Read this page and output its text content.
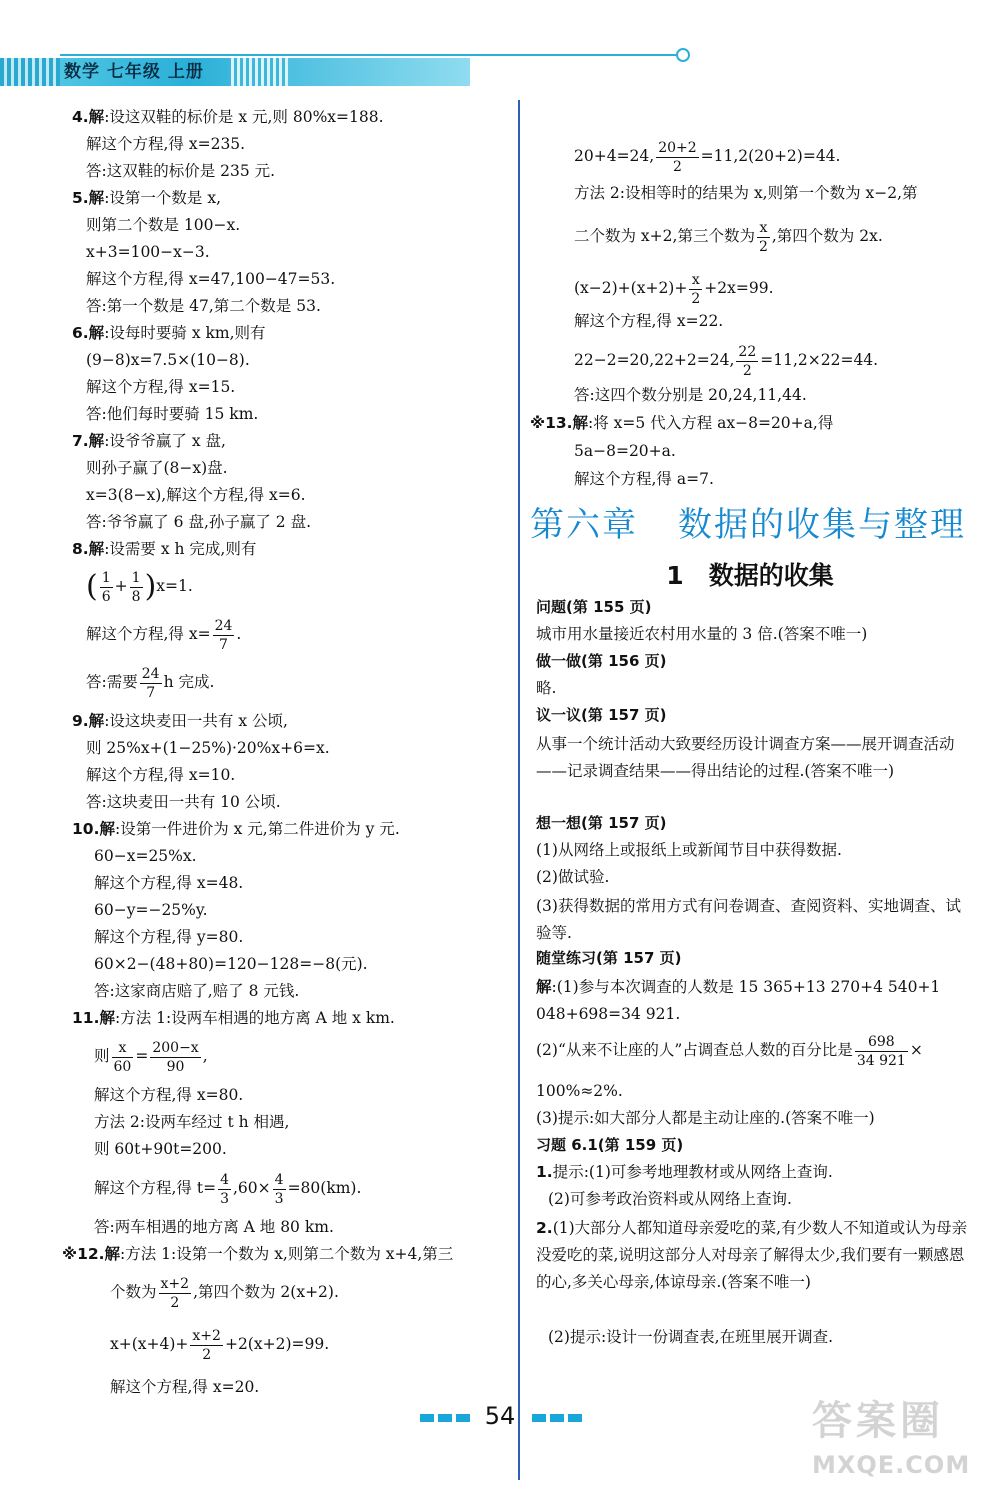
数学 七年级 上册
4.解:设这双鞋的标价是 x 元,则 80%x=188.
解这个方程,得 x=235.
答:这双鞋的标价是 235 元.
5.解:设第一个数是 x,
则第二个数是 100−x.
x+3=100−x−3.
解这个方程,得 x=47,100−47=53.
答:第一个数是 47,第二个数是 53.
6.解:设每时要骑 x km,则有
(9−8)x=7.5×(10−8).
解这个方程,得 x=15.
答:他们每时要骑 15 km.
7.解:设爷爷赢了 x 盘,
则孙子赢了(8−x)盘.
x=3(8−x),解这个方程,得 x=6.
答:爷爷赢了 6 盘,孙子赢了 2 盘.
8.解:设需要 x h 完成,则有
( $\frac{1}{6} + \frac{1}{8} )x=1$.
解这个方程,得 $x= \frac{24}{7}$ .
答:需要 $\frac{24}{7}$ h 完成.
9.解:设这块麦田一共有 x 公顷,
则 25%x+(1−25%)·20%x+6=x.
解这个方程,得 x=10.
答:这块麦田一共有 10 公顷.
10.解:设第一件进价为 x 元,第二件进价为 y 元.
60−x=25%x.
解这个方程,得 x=48.
60−y=−25%y.
解这个方程,得 y=80.
60×2−(48+80)=120−128=−8(元).
答:这家商店赔了,赔了 8 元钱.
11.解:方法 1:设两车相遇的地方离 A 地 x km.
则 $\frac{x}{60} = \frac{200-x}{90}$ ,
解这个方程,得 x=80.
方法 2:设两车经过 t h 相遇,
则 60t+90t=200.
解这个方程,得 $t= \frac{4}{3} ,60\times \frac{4}{3} =80(km)$.
答:两车相遇的地方离 A 地 80 km.
※12.解:方法 1:设第一个数为 x,则第二个数为 x+4,第三
个数为 $\frac{x+2}{2}$ ,第四个数为 2(x+2).
$x+(x+4)+ \frac{x+2}{2} +2(x+2)=99$.
解这个方程,得 x=20.
20+4=24, $\frac{20+2}{2} =11,2(20+2)=44$.
方法 2:设相等时的结果为 x,则第一个数为 x−2,第
二个数为 x+2,第三个数为 $\frac{x}{2}$ ,第四个数为 2x.
$(x-2)+(x+2)+ \frac{x}{2} +2x=99$.
解这个方程,得 x=22.
22−2=20,22+2=24, $\frac{22}{2} =11,2\times 22=44$.
答:这四个数分别是 20,24,11,44.
※13.解:将 x=5 代入方程 ax−8=20+a,得
5a−8=20+a.
解这个方程,得 a=7.
问题(第 155 页)
城市用水量接近农村用水量的 3 倍.(答案不唯一)
做一做(第 156 页)
略.
议一议(第 157 页)
从事一个统计活动大致要经历设计调查方案——展开调查活动——记录调查结果——得出结论的过程.(答案不唯一)
想一想(第 157 页)
(1)从网络上或报纸上或新闻节目中获得数据.
(2)做试验.
(3)获得数据的常用方式有问卷调查、查阅资料、实地调查、试验等.
随堂练习(第 157 页)
解:(1)参与本次调查的人数是 15 365+13 270+4 540+1 048+698=34 921.
(2)“从来不让座的人”占调查总人数的百分比是 $\frac{698}{34 921}$ ×
100%≈2%.
(3)提示:如大部分人都是主动让座的.(答案不唯一)
习题 6.1(第 159 页)
1.提示:(1)可参考地理教材或从网络上查询.
(2)可参考政治资料或从网络上查询.
2.(1)大部分人都知道母亲爱吃的菜,有少数人不知道或认为母亲没爱吃的菜,说明这部分人对母亲了解得太少,我们要有一颗感恩的心,多关心母亲,体谅母亲.(答案不唯一)
(2)提示:设计一份调查表,在班里展开调查.
第六章 数据的收集与整理
1　数据的收集
54	答案圈
MXQE.COM
